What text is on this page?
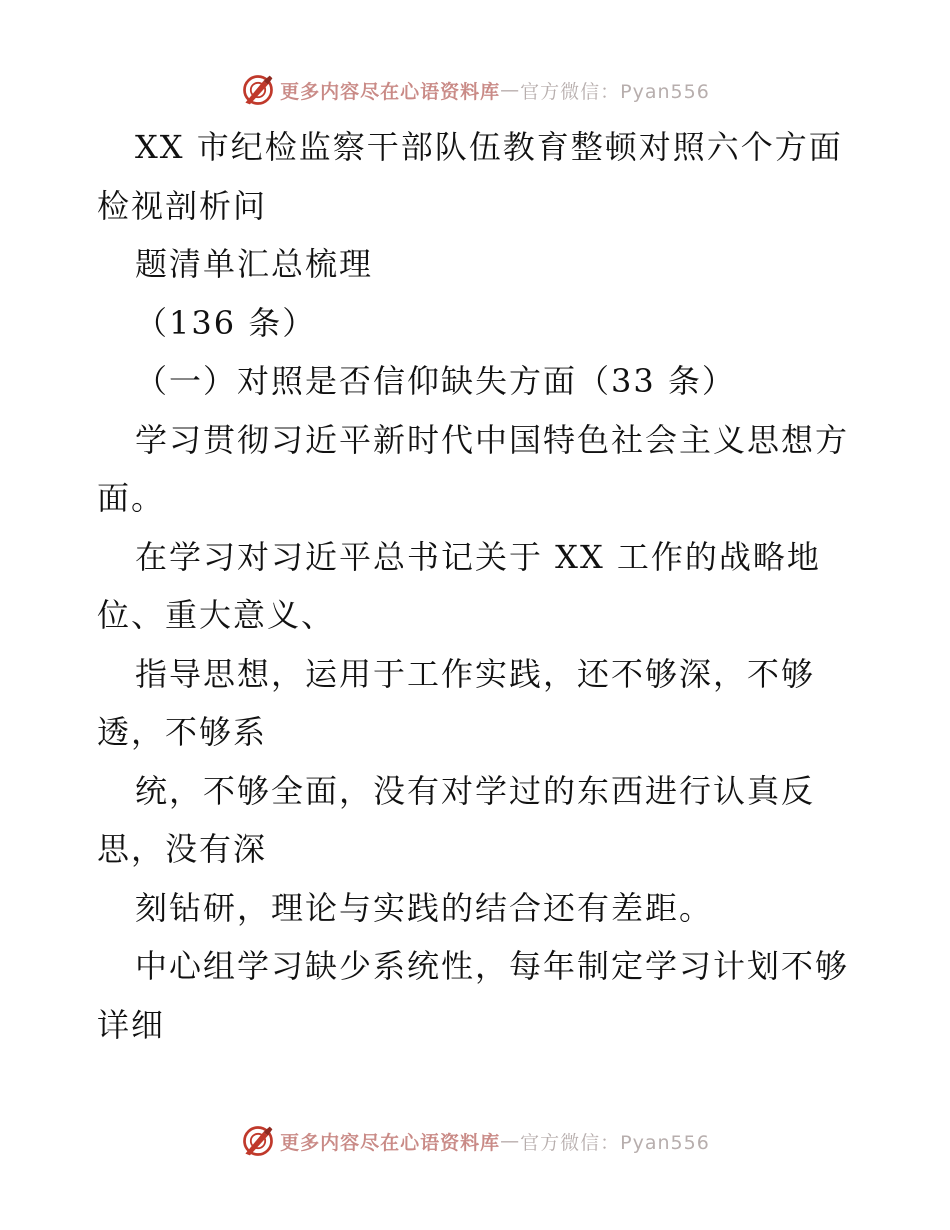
更多内容尽在心语资料库 — 官方微信：Pyan556
XX 市纪检监察干部队伍教育整顿对照六个方面
检视剖析问
题清单汇总梳理
（136 条）
（一）对照是否信仰缺失方面（33 条）
学习贯彻习近平新时代中国特色社会主义思想方
面。
在学习对习近平总书记关于 XX 工作的战略地
位、重大意义、
指导思想，运用于工作实践，还不够深，不够
透，不够系
统，不够全面，没有对学过的东西进行认真反
思，没有深
刻钻研，理论与实践的结合还有差距。
中心组学习缺少系统性，每年制定学习计划不够
详细
更多内容尽在心语资料库 — 官方微信：Pyan556
